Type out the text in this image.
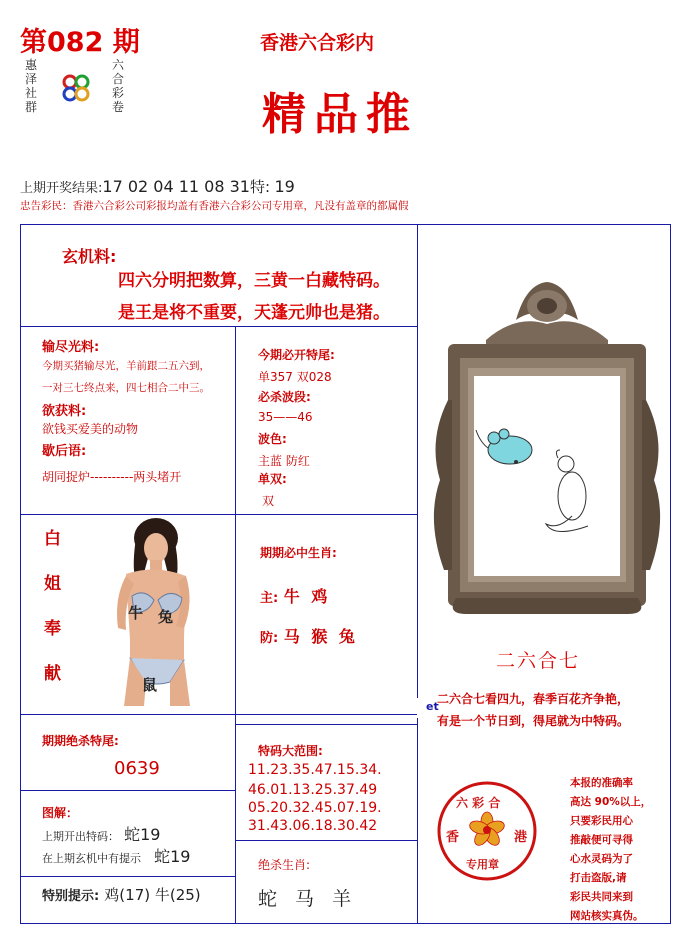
第082 期
惠
泽
社
群
六
合
彩
卷
香港六合彩内
精品推
上期开奖结果:17 02 04 11 08 31特: 19
忠告彩民：香港六合彩公司彩报均盖有香港六合彩公司专用章，凡没有盖章的都属假
玄机料:
四六分明把数算，三黄一白藏特码。
是王是将不重要，天蓬元帅也是猪。
输尽光料:
今期买猪输尽光，羊前跟二五六到，
一对三七终点来，四七相合二中三。
欲获料:
欲钱买爱美的动物
歇后语:
胡同捉炉----------两头堵开
今期必开特尾:
单357 双028
必杀波段:
35——46
波色:
主蓝 防红
单双:
双
白
姐
奉
献
牛 兔
鼠
期期必中生肖:
主: 牛 鸡
防: 马 猴 兔
二六合七
et
二六合七看四九，春季百花齐争艳，
有是一个节日到，得尾就为中特码。
期期绝杀特尾:
0639
图解：
上期开出特码： 蛇19
在上期玄机中有提示 蛇19
特别提示: 鸡(17) 牛(25)
特码大范围:
11.23.35.47.15.34.
46.01.13.25.37.49
05.20.32.45.07.19.
31.43.06.18.30.42
绝杀生肖:
蛇 马 羊
六 彩 合
香	港
专用章
本报的准确率
高达 90%以上，
只要彩民用心
推敲便可寻得
心水灵码为了
打击盗版,请
彩民共同来到
网站核实真伪。
